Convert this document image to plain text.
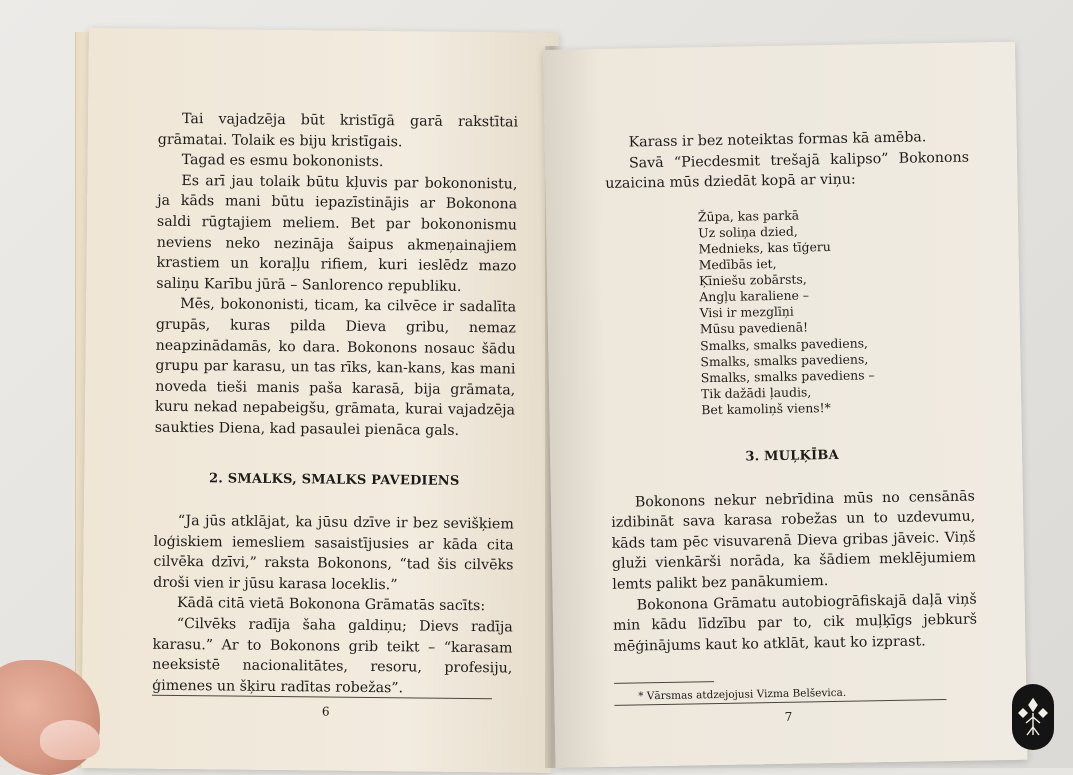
Tai vajadzēja būt kristīgā garā rakstītai grāmatai. Tolaik es biju kristīgais.

Tagad es esmu bokononists.

Es arī jau tolaik būtu kļuvis par bokononistu, ja kāds mani būtu iepazīstinājis ar Bokonona saldi rūgtajiem meliem. Bet par bokononismu neviens neko nezināja šaipus akmeņainajiem krastiem un koraļļu rifiem, kuri ieslēdz mazo saliņu Karību jūrā – Sanlorenco republiku.

Mēs, bokononisti, ticam, ka cilvēce ir sadalīta grupās, kuras pilda Dieva gribu, nemaz neapzinādamās, ko dara. Bokonons nosauc šādu grupu par karasu, un tas rīks, kan-kans, kas mani noveda tieši manis paša karasā, bija grāmata, kuru nekad nepabeigšu, grāmata, kurai vajadzēja saukties Diena, kad pasaulei pienāca gals.

2. SMALKS, SMALKS PAVEDIENS

“Ja jūs atklājat, ka jūsu dzīve ir bez sevišķiem loģiskiem iemesliem sasaistījusies ar kāda cita cilvēka dzīvi,” raksta Bokonons, “tad šis cilvēks droši vien ir jūsu karasa loceklis.”

Kādā citā vietā Bokonona Grāmatās sacīts:

“Cilvēks radīja šaha galdiņu; Dievs radīja karasu.” Ar to Bokonons grib teikt – “karasam neeksistē nacionalitātes, resoru, profesiju, ģimenes un šķiru radītas robežas”.

6

Karass ir bez noteiktas formas kā amēba.

Savā “Piecdesmit trešajā kalipso” Bokonons uzaicina mūs dziedāt kopā ar viņu:

Žūpa, kas parkā
Uz soliņa dzied,
Mednieks, kas tīģeru
Medībās iet,
Ķīniešu zobārsts,
Angļu karaliene –
Visi ir mezglīņi
Mūsu pavedienā!
Smalks, smalks pavediens,
Smalks, smalks pavediens,
Smalks, smalks pavediens –
Tik dažādi ļaudis,
Bet kamoliņš viens!*
3. MUĻĶĪBA

Bokonons nekur nebrīdina mūs no censānās izdibināt sava karasa robežas un to uzdevumu, kāds tam pēc visuvarenā Dieva gribas jāveic. Viņš gluži vienkārši norāda, ka šādiem meklējumiem lemts palikt bez panākumiem.

Bokonona Grāmatu autobiogrāfiskajā daļā viņš min kādu līdzību par to, cik muļķīgs jebkurš mēģinājums kaut ko atklāt, kaut ko izprast.

* Vārsmas atdzejojusi Vizma Belševica.

7
